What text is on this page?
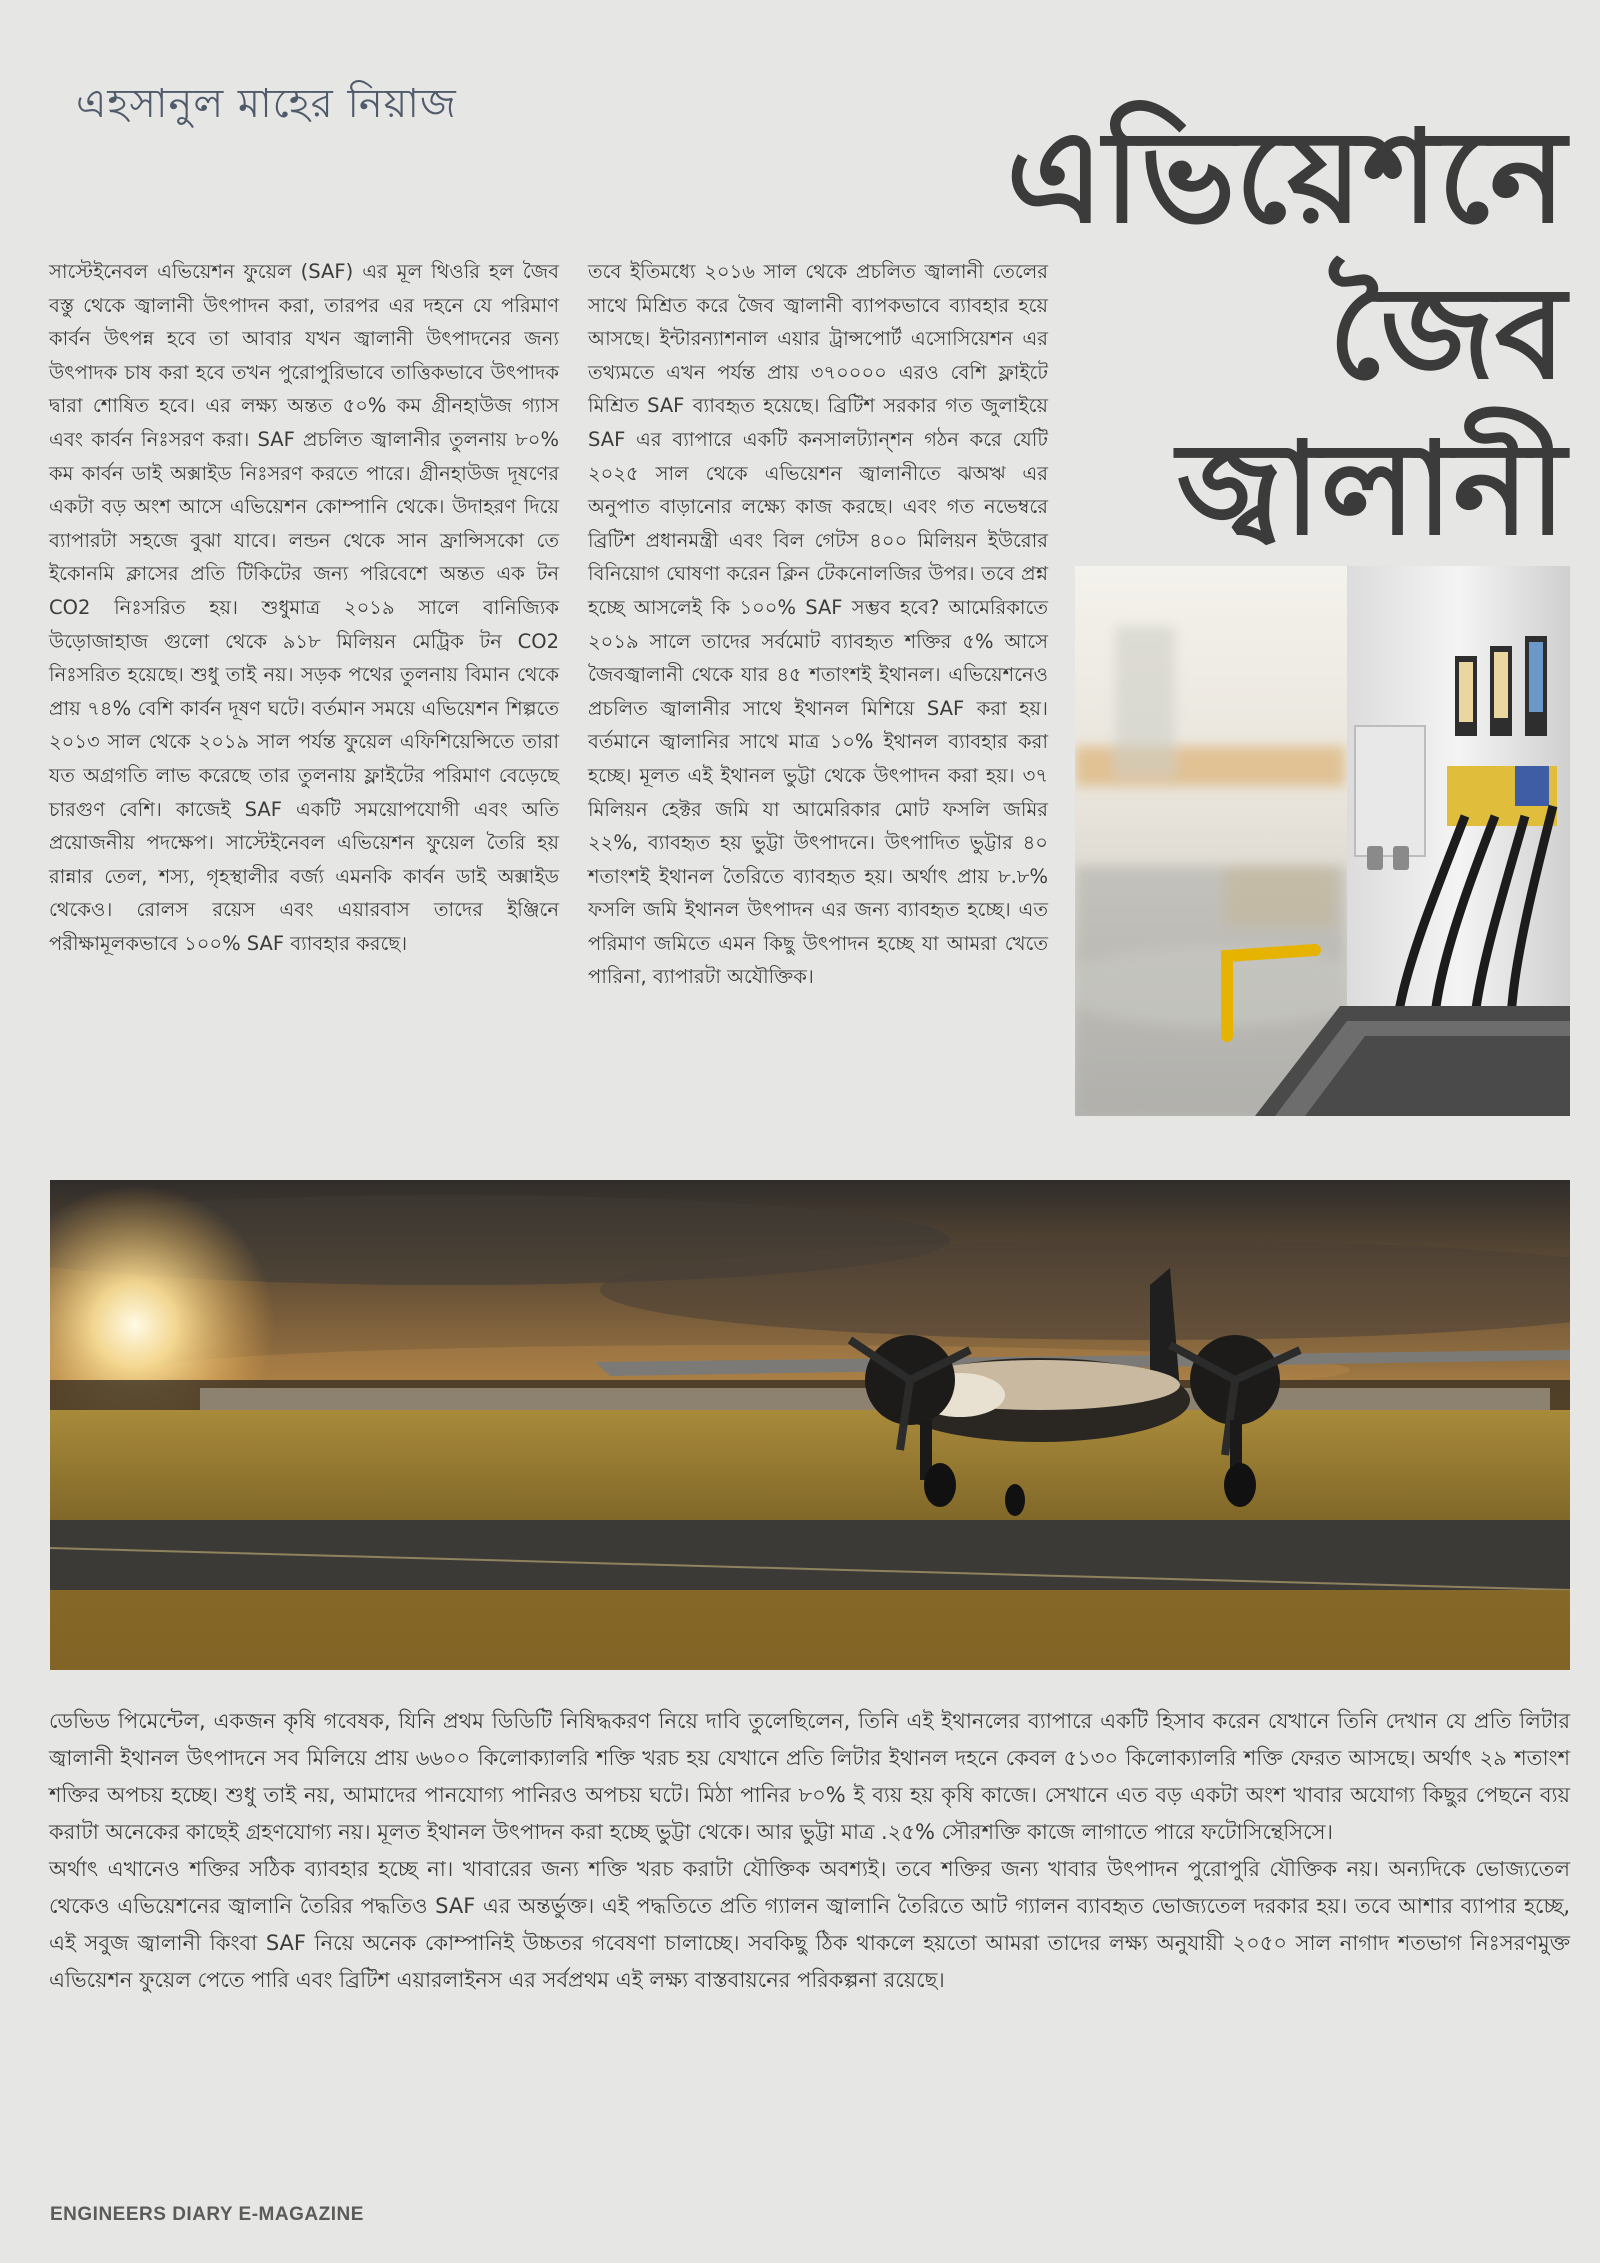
এহসানুল মাহের নিয়াজ	এভিয়েশনে
জৈব
জ্বালানী
সাস্টেইনেবল এভিয়েশন ফুয়েল (SAF) এর মূল থিওরি হল জৈব বস্তু থেকে জ্বালানী উৎপাদন করা, তারপর এর দহনে যে পরিমাণ কার্বন উৎপন্ন হবে তা আবার যখন জ্বালানী উৎপাদনের জন্য উৎপাদক চাষ করা হবে তখন পুরোপুরিভাবে তাত্তিকভাবে উৎপাদক দ্বারা শোষিত হবে। এর লক্ষ্য অন্তত ৫০% কম গ্রীনহাউজ গ্যাস এবং কার্বন নিঃসরণ করা। SAF প্রচলিত জ্বালানীর তুলনায় ৮০% কম কার্বন ডাই অক্সাইড নিঃসরণ করতে পারে। গ্রীনহাউজ দূষণের একটা বড় অংশ আসে এভিয়েশন কোম্পানি থেকে। উদাহরণ দিয়ে ব্যাপারটা সহজে বুঝা যাবে। লন্ডন থেকে সান ফ্রান্সিসকো তে ইকোনমি ক্লাসের প্রতি টিকিটের জন্য পরিবেশে অন্তত এক টন CO2 নিঃসরিত হয়। শুধুমাত্র ২০১৯ সালে বানিজ্যিক উড়োজাহাজ গুলো থেকে ৯১৮ মিলিয়ন মেট্রিক টন CO2 নিঃসরিত হয়েছে। শুধু তাই নয়। সড়ক পথের তুলনায় বিমান থেকে প্রায় ৭৪% বেশি কার্বন দূষণ ঘটে। বর্তমান সময়ে এভিয়েশন শিল্পতে ২০১৩ সাল থেকে ২০১৯ সাল পর্যন্ত ফুয়েল এফিশিয়েন্সিতে তারা যত অগ্রগতি লাভ করেছে তার তুলনায় ফ্লাইটের পরিমাণ বেড়েছে চারগুণ বেশি। কাজেই SAF একটি সময়োপযোগী এবং অতি প্রয়োজনীয় পদক্ষেপ। সাস্টেইনেবল এভিয়েশন ফুয়েল তৈরি হয় রান্নার তেল, শস্য, গৃহস্থালীর বর্জ্য এমনকি কার্বন ডাই অক্সাইড থেকেও। রোলস রয়েস এবং এয়ারবাস তাদের ইঞ্জিনে পরীক্ষামূলকভাবে ১০০% SAF ব্যাবহার করছে।
তবে ইতিমধ্যে ২০১৬ সাল থেকে প্রচলিত জ্বালানী তেলের সাথে মিশ্রিত করে জৈব জ্বালানী ব্যাপকভাবে ব্যাবহার হয়ে আসছে। ইন্টারন্যাশনাল এয়ার ট্রান্সপোর্ট এসোসিয়েশন এর তথ্যমতে এখন পর্যন্ত প্রায় ৩৭০০০০ এরও বেশি ফ্লাইটে মিশ্রিত SAF ব্যাবহৃত হয়েছে। ব্রিটিশ সরকার গত জুলাইয়ে SAF এর ব্যাপারে একটি কনসালট্যান্শন গঠন করে যেটি ২০২৫ সাল থেকে এভিয়েশন জ্বালানীতে ঝঅঋ এর অনুপাত বাড়ানোর লক্ষ্যে কাজ করছে। এবং গত নভেম্বরে ব্রিটিশ প্রধানমন্ত্রী এবং বিল গেটস ৪০০ মিলিয়ন ইউরোর বিনিয়োগ ঘোষণা করেন ক্লিন টেকনোলজির উপর। তবে প্রশ্ন হচ্ছে আসলেই কি ১০০% SAF সম্ভব হবে? আমেরিকাতে ২০১৯ সালে তাদের সর্বমোট ব্যাবহৃত শক্তির ৫% আসে জৈবজ্বালানী থেকে যার ৪৫ শতাংশই ইথানল। এভিয়েশনেও প্রচলিত জ্বালানীর সাথে ইথানল মিশিয়ে SAF করা হয়। বর্তমানে জ্বালানির সাথে মাত্র ১০% ইথানল ব্যাবহার করা হচ্ছে। মূলত এই ইথানল ভুট্টা থেকে উৎপাদন করা হয়। ৩৭ মিলিয়ন হেক্টর জমি যা আমেরিকার মোট ফসলি জমির ২২%, ব্যাবহৃত হয় ভুট্টা উৎপাদনে। উৎপাদিত ভুট্টার ৪০ শতাংশই ইথানল তৈরিতে ব্যাবহৃত হয়। অর্থাৎ প্রায় ৮.৮% ফসলি জমি ইথানল উৎপাদন এর জন্য ব্যাবহৃত হচ্ছে। এত পরিমাণ জমিতে এমন কিছু উৎপাদন হচ্ছে যা আমরা খেতে পারিনা, ব্যাপারটা অযৌক্তিক।

ডেভিড পিমেন্টেল, একজন কৃষি গবেষক, যিনি প্রথম ডিডিটি নিষিদ্ধকরণ নিয়ে দাবি তুলেছিলেন, তিনি এই ইথানলের ব্যাপারে একটি হিসাব করেন যেখানে তিনি দেখান যে প্রতি লিটার জ্বালানী ইথানল উৎপাদনে সব মিলিয়ে প্রায় ৬৬০০ কিলোক্যালরি শক্তি খরচ হয় যেখানে প্রতি লিটার ইথানল দহনে কেবল ৫১৩০ কিলোক্যালরি শক্তি ফেরত আসছে। অর্থাৎ ২৯ শতাংশ শক্তির অপচয় হচ্ছে। শুধু তাই নয়, আমাদের পানযোগ্য পানিরও অপচয় ঘটে। মিঠা পানির ৮০% ই ব্যয় হয় কৃষি কাজে। সেখানে এত বড় একটা অংশ খাবার অযোগ্য কিছুর পেছনে ব্যয় করাটা অনেকের কাছেই গ্রহণযোগ্য নয়। মূলত ইথানল উৎপাদন করা হচ্ছে ভুট্টা থেকে। আর ভুট্টা মাত্র .২৫% সৌরশক্তি কাজে লাগাতে পারে ফটোসিন্থেসিসে।

অর্থাৎ এখানেও শক্তির সঠিক ব্যাবহার হচ্ছে না। খাবারের জন্য শক্তি খরচ করাটা যৌক্তিক অবশ্যই। তবে শক্তির জন্য খাবার উৎপাদন পুরোপুরি যৌক্তিক নয়। অন্যদিকে ভোজ্যতেল থেকেও এভিয়েশনের জ্বালানি তৈরির পদ্ধতিও SAF এর অন্তর্ভুক্ত। এই পদ্ধতিতে প্রতি গ্যালন জ্বালানি তৈরিতে আট গ্যালন ব্যাবহৃত ভোজ্যতেল দরকার হয়। তবে আশার ব্যাপার হচ্ছে, এই সবুজ জ্বালানী কিংবা SAF নিয়ে অনেক কোম্পানিই উচ্চতর গবেষণা চালাচ্ছে। সবকিছু ঠিক থাকলে হয়তো আমরা তাদের লক্ষ্য অনুযায়ী ২০৫০ সাল নাগাদ শতভাগ নিঃসরণমুক্ত এভিয়েশন ফুয়েল পেতে পারি এবং ব্রিটিশ এয়ারলাইনস এর সর্বপ্রথম এই লক্ষ্য বাস্তবায়নের পরিকল্পনা রয়েছে।

ENGINEERS DIARY E-MAGAZINE
